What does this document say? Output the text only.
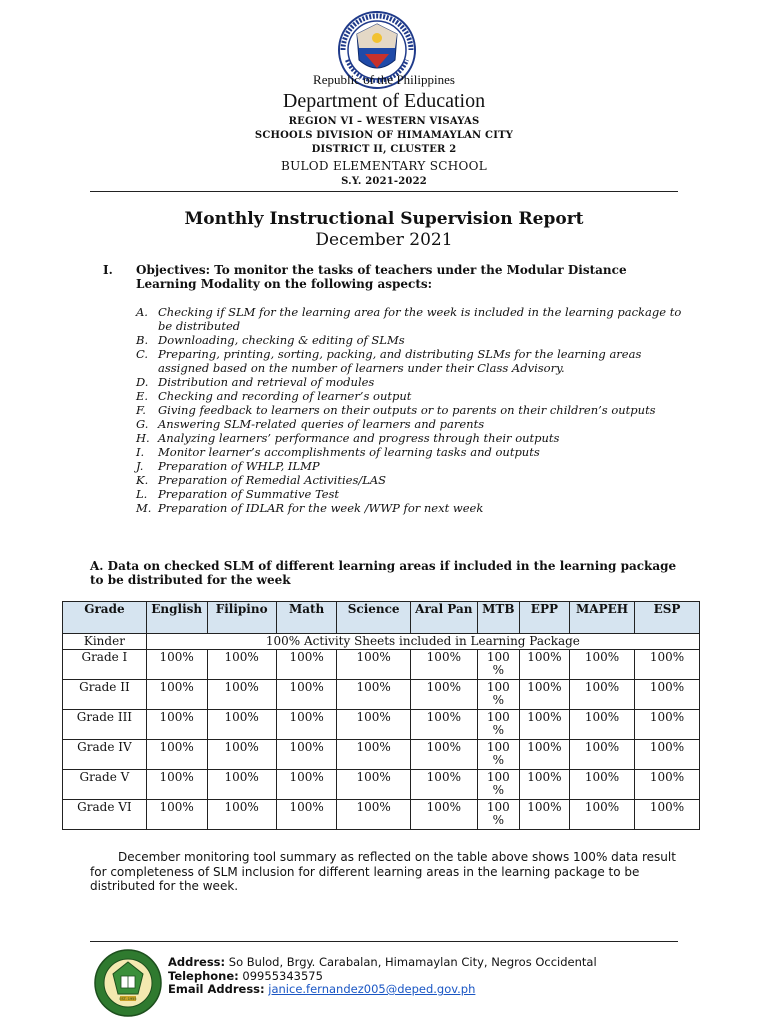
Republic of the Philippines
Department of Education
REGION VI – WESTERN VISAYAS
SCHOOLS DIVISION OF HIMAMAYLAN CITY
DISTRICT II, CLUSTER 2
BULOD ELEMENTARY SCHOOL
S.Y. 2021-2022
Monthly Instructional Supervision Report
December 2021
I. Objectives: To monitor the tasks of teachers under the Modular Distance Learning Modality on the following aspects:
A. Checking if SLM for the learning area for the week is included in the learning package to be distributed
B. Downloading, checking & editing of SLMs
C. Preparing, printing, sorting, packing, and distributing SLMs for the learning areas assigned based on the number of learners under their Class Advisory.
D. Distribution and retrieval of modules
E. Checking and recording of learner’s output
F.	Giving feedback to learners on their outputs or to parents on their children’s outputs
G. Answering SLM-related queries of learners and parents
H. Analyzing learners’ performance and progress through their outputs
I.	Monitor learner’s accomplishments of learning tasks and outputs
J.	Preparation of WHLP, ILMP
K. Preparation of Remedial Activities/LAS
L. Preparation of Summative Test
M. Preparation of IDLAR for the week /WWP for next week
A. Data on checked SLM of different learning areas if included in the learning package to be distributed for the week
Grade	English	Filipino	Math	Science	Aral Pan	MTB	EPP	MAPEH	ESP
Kinder	100% Activity Sheets included in Learning Package								
Grade I	100%	100%	100%	100%	100%	100 %	100%	100%	100%
Grade II	100%	100%	100%	100%	100%	100 %	100%	100%	100%
Grade III	100%	100%	100%	100%	100%	100 %	100%	100%	100%
Grade IV	100%	100%	100%	100%	100%	100 %	100%	100%	100%
Grade V	100%	100%	100%	100%	100%	100 %	100%	100%	100%
Grade VI	100%	100%	100%	100%	100%	100 %	100%	100%	100%
December monitoring tool summary as reflected on the table above shows 100% data result for completeness of SLM inclusion for different learning areas in the learning package to be distributed for the week.
EST. 1955
Address: So Bulod, Brgy. Carabalan, Himamaylan City, Negros Occidental
Telephone: 09955343575
Email Address: janice.fernandez005@deped.gov.ph
